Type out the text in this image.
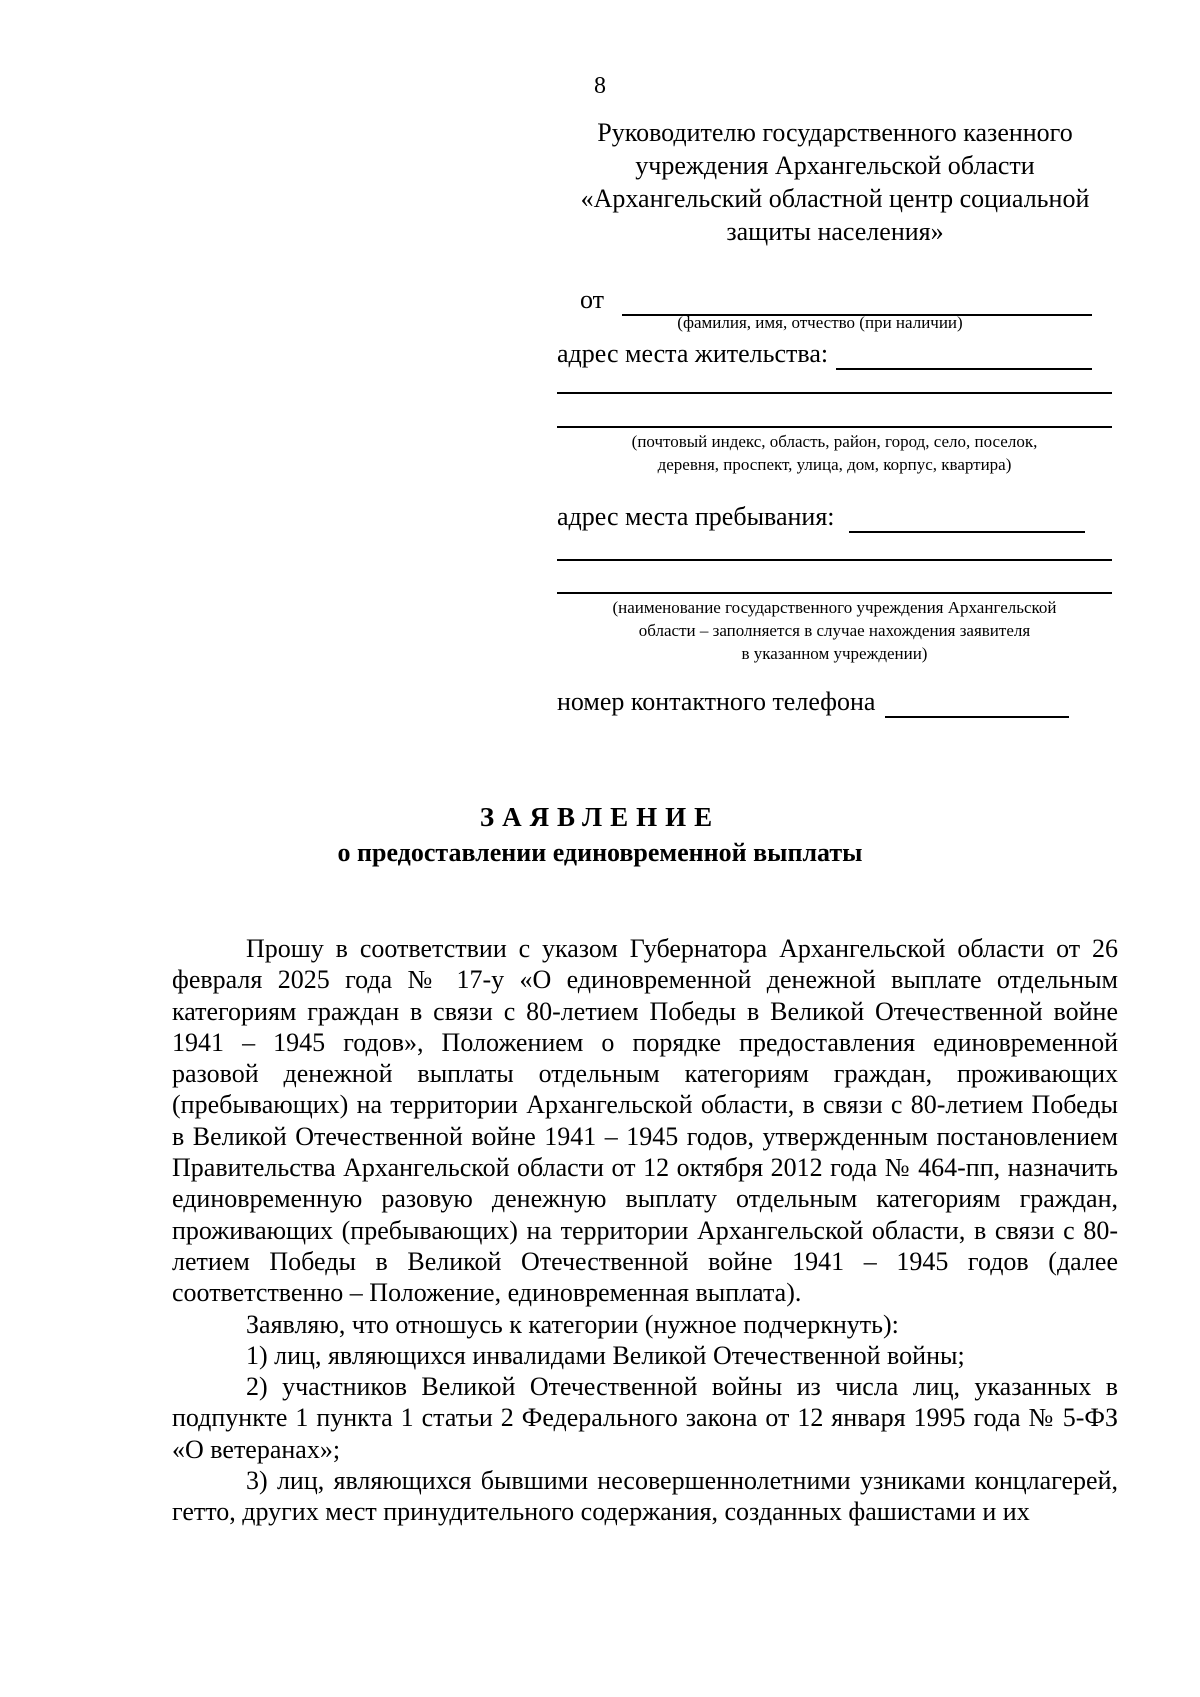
8
Руководителю государственного казенного
учреждения Архангельской области
«Архангельский областной центр социальной
защиты населения»
от
(фамилия, имя, отчество (при наличии)
адрес места жительства:
(почтовый индекс, область, район, город, село, поселок,
деревня, проспект, улица, дом, корпус, квартира)
адрес места пребывания:
(наименование государственного учреждения Архангельской
области – заполняется в случае нахождения заявителя
в указанном учреждении)
номер контактного телефона
ЗАЯВЛЕНИЕ
о предоставлении единовременной выплаты

Прошу в соответствии с указом Губернатора Архангельской области от 26 февраля 2025 года № 17-у «О единовременной денежной выплате отдельным категориям граждан в связи с 80-летием Победы в Великой Отечественной войне 1941 – 1945 годов», Положением о порядке предоставления единовременной разовой денежной выплаты отдельным категориям граждан, проживающих (пребывающих) на территории Архангельской области, в связи с 80-летием Победы в Великой Отечественной войне 1941 – 1945 годов, утвержденным постановлением Правительства Архангельской области от 12 октября 2012 года № 464-пп, назначить единовременную разовую денежную выплату отдельным категориям граждан, проживающих (пребывающих) на территории Архангельской области, в связи с 80-летием Победы в Великой Отечественной войне 1941 – 1945 годов (далее соответственно – Положение, единовременная выплата).

Заявляю, что отношусь к категории (нужное подчеркнуть):

1) лиц, являющихся инвалидами Великой Отечественной войны;

2) участников Великой Отечественной войны из числа лиц, указанных в подпункте 1 пункта 1 статьи 2 Федерального закона от 12 января 1995 года № 5-ФЗ «О ветеранах»;

3) лиц, являющихся бывшими несовершеннолетними узниками концлагерей, гетто, других мест принудительного содержания, созданных фашистами и их
